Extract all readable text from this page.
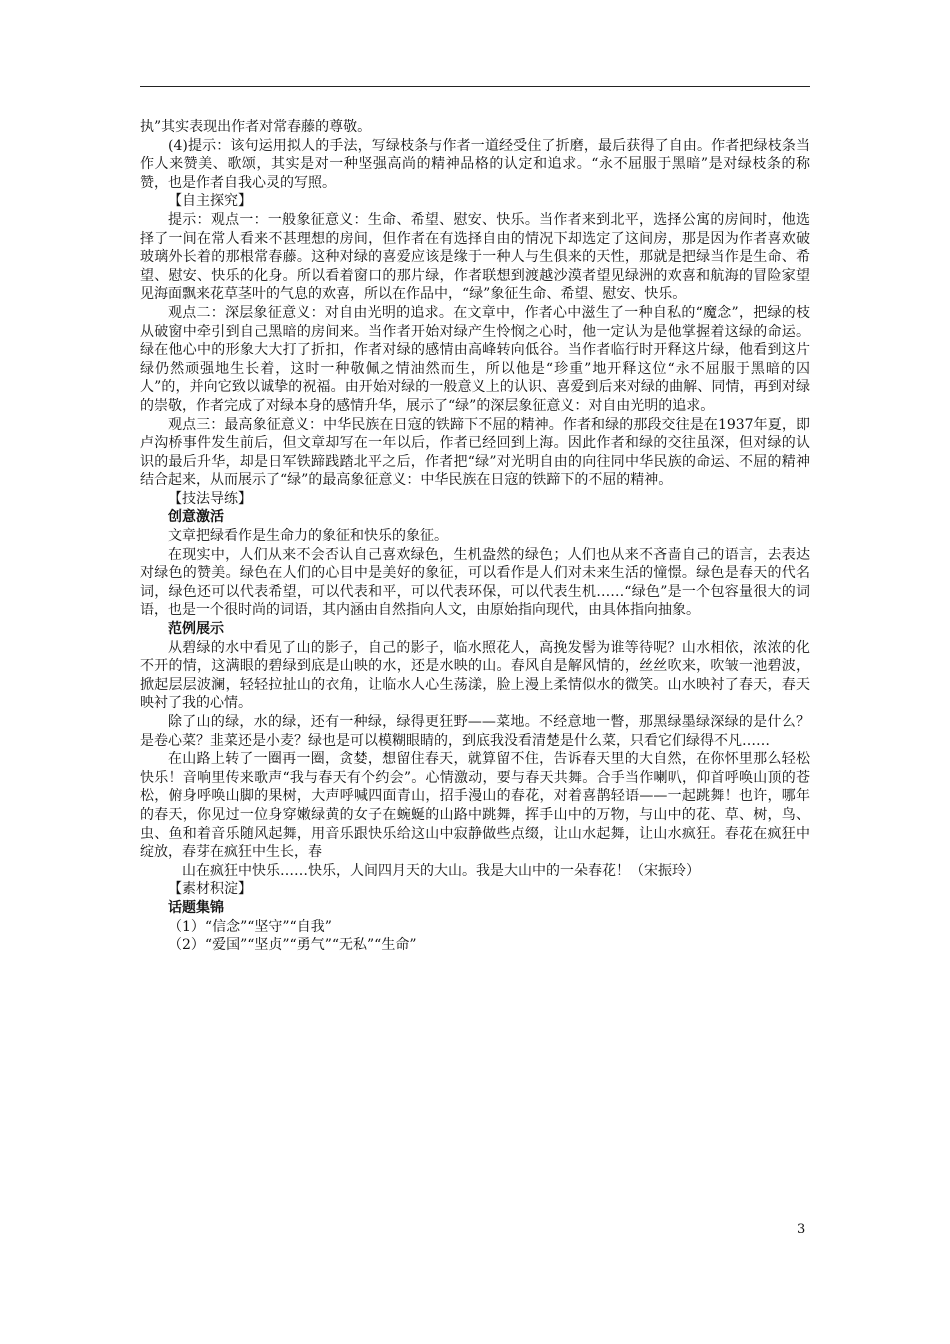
执”其实表现出作者对常春藤的尊敬。

(4)提示：该句运用拟人的手法，写绿枝条与作者一道经受住了折磨，最后获得了自由。作者把绿枝条当作人来赞美、歌颂，其实是对一种坚强高尚的精神品格的认定和追求。“永不屈服于黑暗”是对绿枝条的称赞，也是作者自我心灵的写照。

【自主探究】

提示：观点一：一般象征意义：生命、希望、慰安、快乐。当作者来到北平，选择公寓的房间时，他选择了一间在常人看来不甚理想的房间，但作者在有选择自由的情况下却选定了这间房，那是因为作者喜欢破玻璃外长着的那根常春藤。这种对绿的喜爱应该是缘于一种人与生俱来的天性，那就是把绿当作是生命、希望、慰安、快乐的化身。所以看着窗口的那片绿，作者联想到渡越沙漠者望见绿洲的欢喜和航海的冒险家望见海面飘来花草茎叶的气息的欢喜，所以在作品中，“绿”象征生命、希望、慰安、快乐。

观点二：深层象征意义：对自由光明的追求。在文章中，作者心中滋生了一种自私的“魔念”，把绿的枝从破窗中牵引到自己黑暗的房间来。当作者开始对绿产生怜悯之心时，他一定认为是他掌握着这绿的命运。绿在他心中的形象大大打了折扣，作者对绿的感情由高峰转向低谷。当作者临行时开释这片绿，他看到这片绿仍然顽强地生长着，这时一种敬佩之情油然而生，所以他是“珍重”地开释这位“永不屈服于黑暗的囚人”的，并向它致以诚挚的祝福。由开始对绿的一般意义上的认识、喜爱到后来对绿的曲解、同情，再到对绿的崇敬，作者完成了对绿本身的感情升华，展示了“绿”的深层象征意义：对自由光明的追求。

观点三：最高象征意义：中华民族在日寇的铁蹄下不屈的精神。作者和绿的那段交往是在1937年夏，即卢沟桥事件发生前后，但文章却写在一年以后，作者已经回到上海。因此作者和绿的交往虽深，但对绿的认识的最后升华，却是日军铁蹄践踏北平之后，作者把“绿”对光明自由的向往同中华民族的命运、不屈的精神结合起来，从而展示了“绿”的最高象征意义：中华民族在日寇的铁蹄下的不屈的精神。

【技法导练】

创意激活

文章把绿看作是生命力的象征和快乐的象征。

在现实中，人们从来不会否认自己喜欢绿色，生机盎然的绿色；人们也从来不吝啬自己的语言，去表达对绿色的赞美。绿色在人们的心目中是美好的象征，可以看作是人们对未来生活的憧憬。绿色是春天的代名词，绿色还可以代表希望，可以代表和平，可以代表环保，可以代表生机……“绿色”是一个包容量很大的词语，也是一个很时尚的词语，其内涵由自然指向人文，由原始指向现代，由具体指向抽象。

范例展示

从碧绿的水中看见了山的影子，自己的影子，临水照花人，高挽发髻为谁等待呢？山水相依，浓浓的化不开的情，这满眼的碧绿到底是山映的水，还是水映的山。春风自是解风情的，丝丝吹来，吹皱一池碧波，掀起层层波澜，轻轻拉扯山的衣角，让临水人心生荡漾，脸上漫上柔情似水的微笑。山水映衬了春天，春天映衬了我的心情。

除了山的绿，水的绿，还有一种绿，绿得更狂野——菜地。不经意地一瞥，那黑绿墨绿深绿的是什么？是卷心菜？韭菜还是小麦？绿也是可以模糊眼睛的，到底我没看清楚是什么菜，只看它们绿得不凡……

在山路上转了一圈再一圈，贪婪，想留住春天，就算留不住，告诉春天里的大自然，在你怀里那么轻松快乐！音响里传来歌声“我与春天有个约会”。心情激动，要与春天共舞。合手当作喇叭，仰首呼唤山顶的苍松，俯身呼唤山脚的果树，大声呼喊四面青山，招手漫山的春花，对着喜鹊轻语——一起跳舞！也许，哪年的春天，你见过一位身穿嫩绿黄的女子在蜿蜒的山路中跳舞，挥手山中的万物，与山中的花、草、树，鸟、虫、鱼和着音乐随风起舞，用音乐跟快乐给这山中寂静做些点缀，让山水起舞，让山水疯狂。春花在疯狂中绽放，春芽在疯狂中生长，春

山在疯狂中快乐……快乐，人间四月天的大山。我是大山中的一朵春花！（宋振玲）

【素材积淀】

话题集锦

（1）“信念”“坚守”“自我”

（2）“爱国”“坚贞”“勇气”“无私”“生命”

3
